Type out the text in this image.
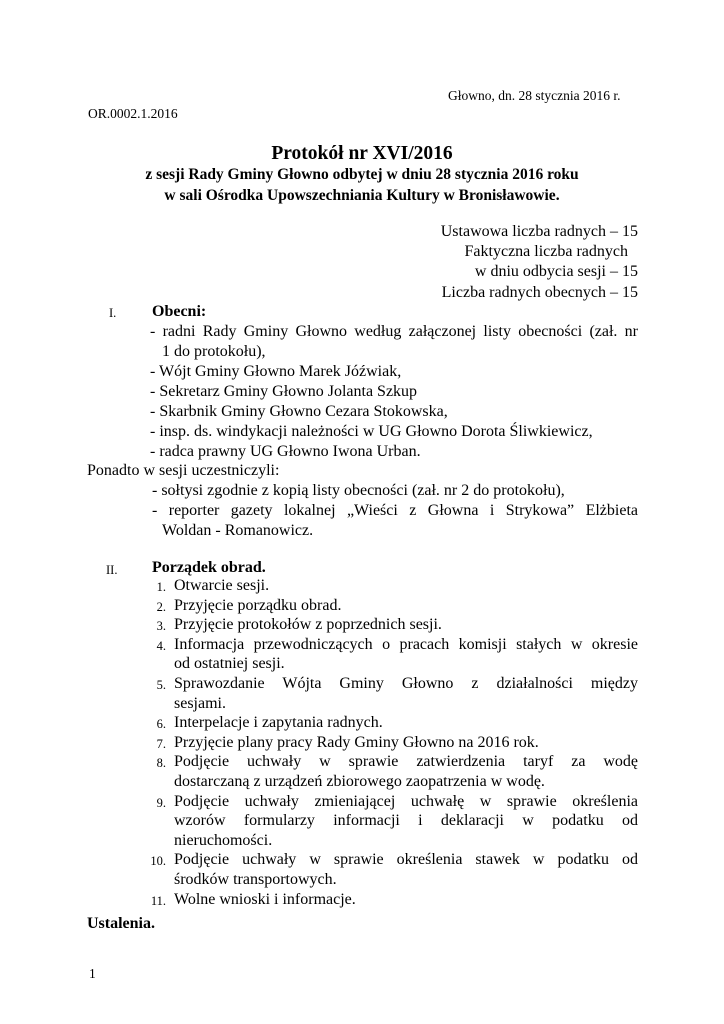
Głowno, dn. 28 stycznia 2016 r.
OR.0002.1.2016
Protokół nr XVI/2016
z sesji Rady Gminy Głowno odbytej w dniu 28 stycznia 2016 roku
w sali Ośrodka Upowszechniania Kultury w Bronisławowie.
Ustawowa liczba radnych – 15
Faktyczna liczba radnych
w dniu odbycia sesji – 15
Liczba radnych obecnych – 15
I. Obecni:
- radni Rady Gminy Głowno według załączonej listy obecności (zał. nr
1 do protokołu),
- Wójt Gminy Głowno Marek Jóźwiak,
- Sekretarz Gminy Głowno Jolanta Szkup
- Skarbnik Gminy Głowno Cezara Stokowska,
- insp. ds. windykacji należności w UG Głowno Dorota Śliwkiewicz,
- radca prawny UG Głowno Iwona Urban.
Ponadto w sesji uczestniczyli:
- sołtysi zgodnie z kopią listy obecności (zał. nr 2 do protokołu),
- reporter gazety lokalnej „Wieści z Głowna i Strykowa” Elżbieta
Woldan - Romanowicz.
II. Porządek obrad.
1. Otwarcie sesji.
2. Przyjęcie porządku obrad.
3. Przyjęcie protokołów z poprzednich sesji.
4. Informacja przewodniczących o pracach komisji stałych w okresie
od ostatniej sesji.
5. Sprawozdanie Wójta Gminy Głowno z działalności między
sesjami.
6. Interpelacje i zapytania radnych.
7. Przyjęcie plany pracy Rady Gminy Głowno na 2016 rok.
8. Podjęcie uchwały w sprawie zatwierdzenia taryf za wodę
dostarczaną z urządzeń zbiorowego zaopatrzenia w wodę.
9. Podjęcie uchwały zmieniającej uchwałę w sprawie określenia
wzorów formularzy informacji i deklaracji w podatku od
nieruchomości.
10. Podjęcie uchwały w sprawie określenia stawek w podatku od
środków transportowych.
11. Wolne wnioski i informacje.
Ustalenia.
1
